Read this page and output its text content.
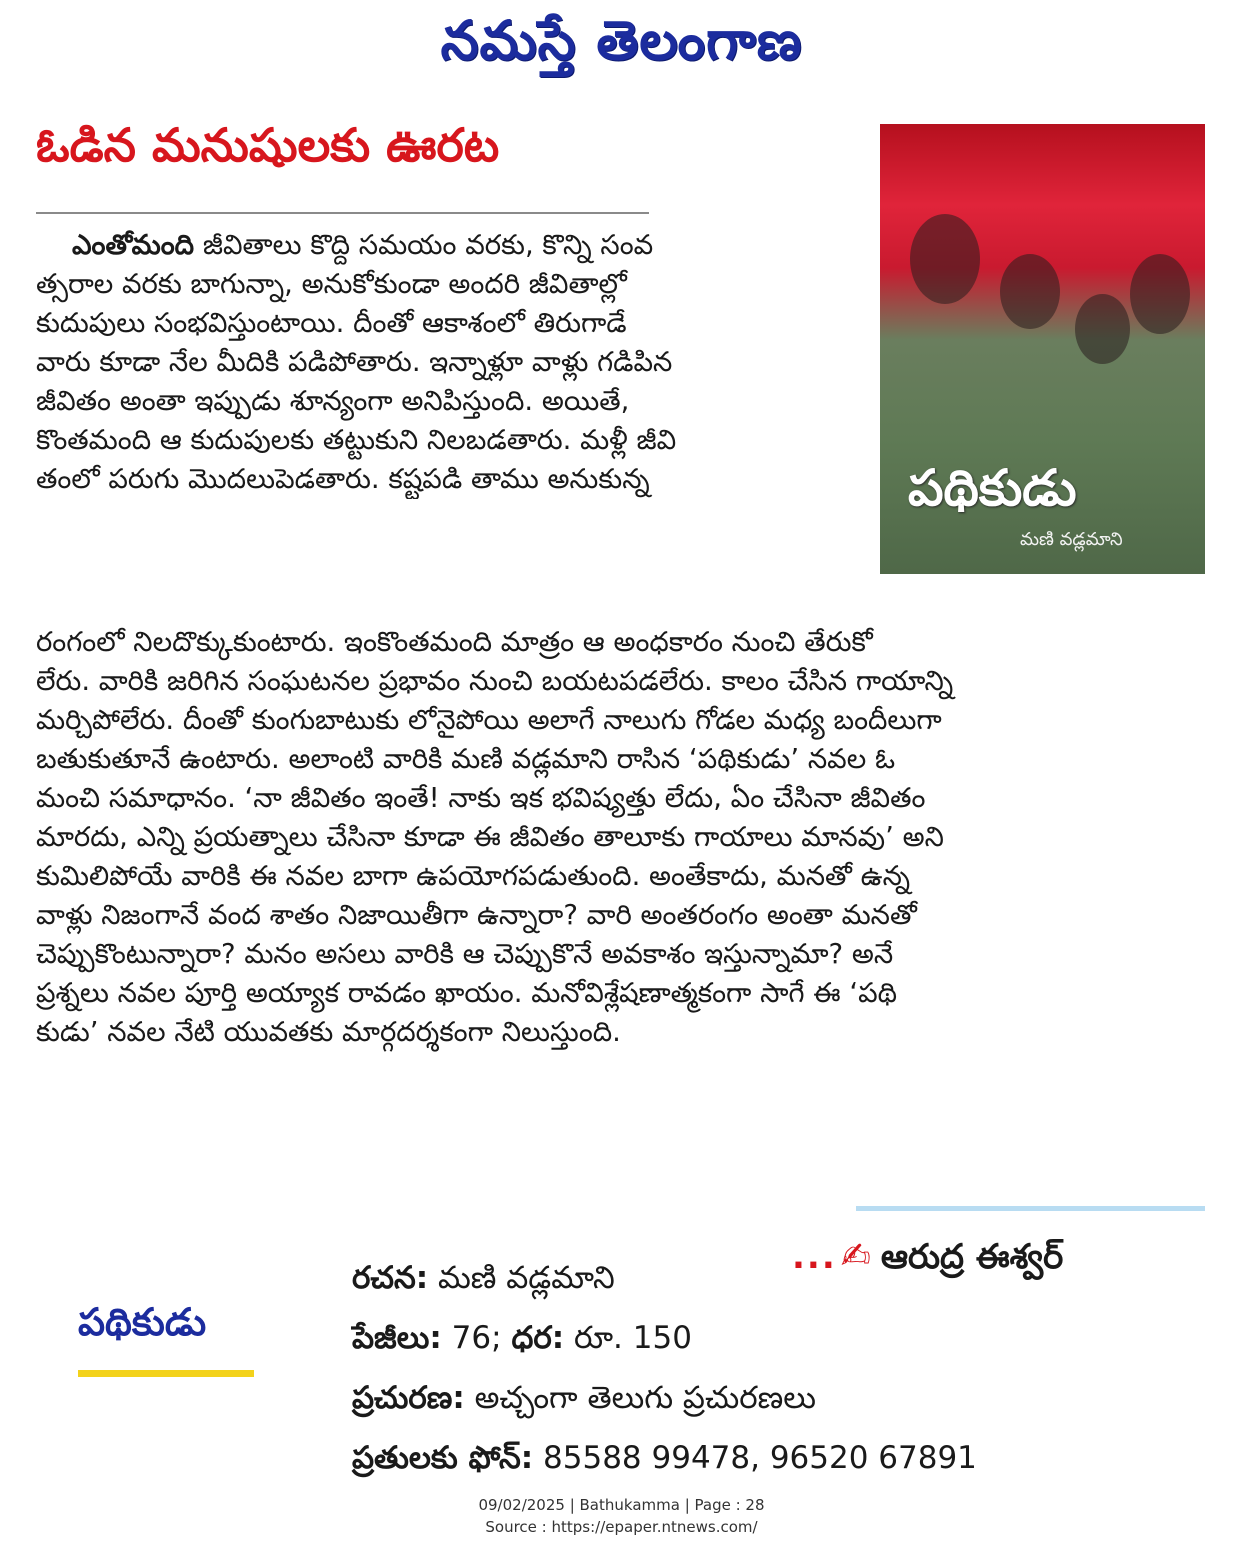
నమస్తే తెలంగాణ
ఓడిన మనుషులకు ఊరట
పథికుడు
మణి వడ్లమాని
ఎంతోమంది జీవితాలు కొద్ది సమయం వరకు, కొన్ని సంవ
త్సరాల వరకు బాగున్నా, అనుకోకుండా అందరి జీవితాల్లో
కుదుపులు సంభవిస్తుంటాయి. దీంతో ఆకాశంలో తిరుగాడే
వారు కూడా నేల మీదికి పడిపోతారు. ఇన్నాళ్లూ వాళ్లు గడిపిన
జీవితం అంతా ఇప్పుడు శూన్యంగా అనిపిస్తుంది. అయితే,
కొంతమంది ఆ కుదుపులకు తట్టుకుని నిలబడతారు. మళ్లీ జీవి
తంలో పరుగు మొదలుపెడతారు. కష్టపడి తాము అనుకున్న
రంగంలో నిలదొక్కుకుంటారు. ఇంకొంతమంది మాత్రం ఆ అంధకారం నుంచి తేరుకో
లేరు. వారికి జరిగిన సంఘటనల ప్రభావం నుంచి బయటపడలేరు. కాలం చేసిన గాయాన్ని
మర్చిపోలేరు. దీంతో కుంగుబాటుకు లోనైపోయి అలాగే నాలుగు గోడల మధ్య బందీలుగా
బతుకుతూనే ఉంటారు. అలాంటి వారికి మణి వడ్లమాని రాసిన ‘పథికుడు’ నవల ఓ
మంచి సమాధానం. ‘నా జీవితం ఇంతే! నాకు ఇక భవిష్యత్తు లేదు, ఏం చేసినా జీవితం
మారదు, ఎన్ని ప్రయత్నాలు చేసినా కూడా ఈ జీవితం తాలూకు గాయాలు మానవు’ అని
కుమిలిపోయే వారికి ఈ నవల బాగా ఉపయోగపడుతుంది. అంతేకాదు, మనతో ఉన్న
వాళ్లు నిజంగానే వంద శాతం నిజాయితీగా ఉన్నారా? వారి అంతరంగం అంతా మనతో
చెప్పుకొంటున్నారా? మనం అసలు వారికి ఆ చెప్పుకొనే అవకాశం ఇస్తున్నామా? అనే
ప్రశ్నలు నవల పూర్తి అయ్యాక రావడం ఖాయం. మనోవిశ్లేషణాత్మకంగా సాగే ఈ ‘పథి
కుడు’ నవల నేటి యువతకు మార్గదర్శకంగా నిలుస్తుంది.
... ✍ ఆరుద్ర ఈశ్వర్
పథికుడు
రచన: మణి వడ్లమాని
పేజీలు: 76; ధర: రూ. 150
ప్రచురణ: అచ్చంగా తెలుగు ప్రచురణలు
ప్రతులకు ఫోన్: 85588 99478, 96520 67891
09/02/2025 | Bathukamma | Page : 28
Source : https://epaper.ntnews.com/
